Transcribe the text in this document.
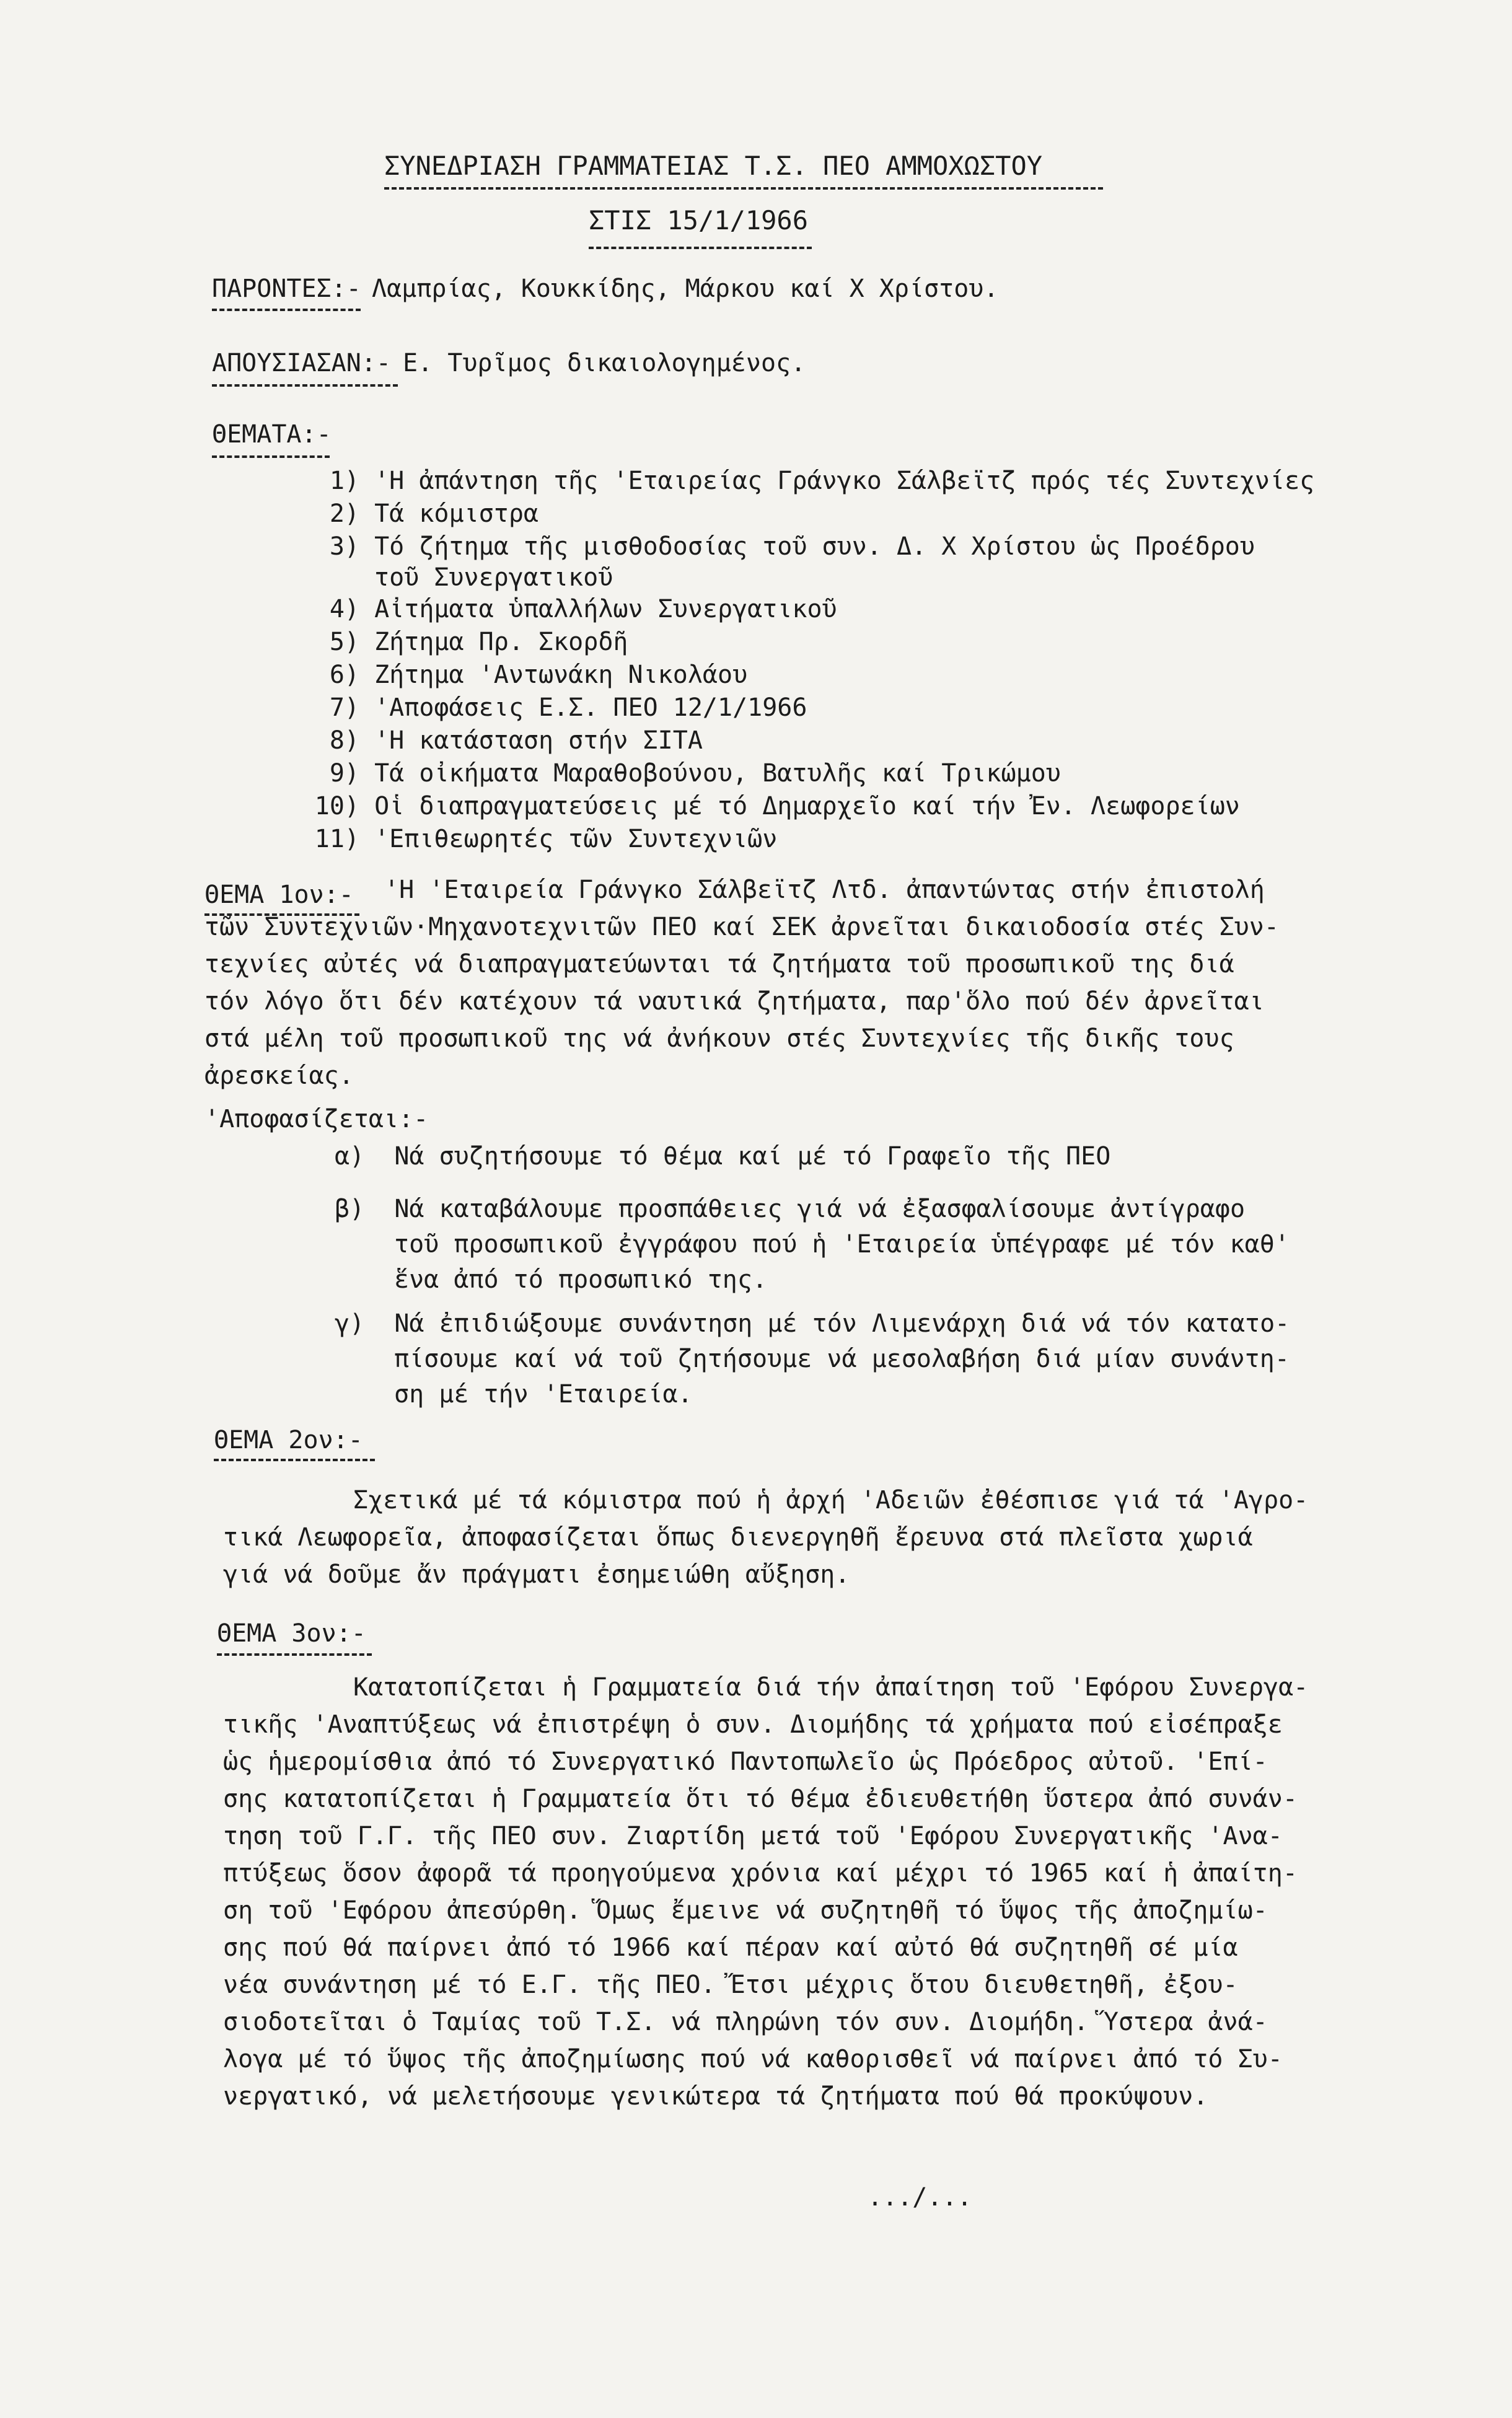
ΣΥΝΕΔΡΙΑΣΗ ΓΡΑΜΜΑΤΕΙΑΣ Τ.Σ. ΠΕΟ ΑΜΜΟΧΩΣΤΟΥ
ΣΤΙΣ 15/1/1966
ΠΑΡΟΝΤΕΣ:- Λαμπρίας, Κουκκίδης, Μάρκου καί Χ Χρίστου.
ΑΠΟΥΣΙΑΣΑΝ:- Ε. Τυρῖμος δικαιολογημένος.
ΘΕΜΑΤΑ:-
1) 'Η ἀπάντηση τῆς 'Εταιρείας Γράνγκο Σάλβεϊτζ πρός τές Συντεχνίες
2) Τά κόμιστρα
3) Τό ζήτημα τῆς μισθοδοσίας τοῦ συν. Δ. Χ Χρίστου ὡς Προέδρου
τοῦ Συνεργατικοῦ
4) Αἰτήματα ὑπαλλήλων Συνεργατικοῦ
5) Ζήτημα Πρ. Σκορδῆ
6) Ζήτημα 'Αντωνάκη Νικολάου
7) 'Αποφάσεις Ε.Σ. ΠΕΟ 12/1/1966
8) 'Η κατάσταση στήν ΣΙΤΑ
9) Τά οἰκήματα Μαραθοβούνου, Βατυλῆς καί Τρικώμου
10) Οἱ διαπραγματεύσεις μέ τό Δημαρχεῖο καί τήν Ἐν. Λεωφορείων
11) 'Επιθεωρητές τῶν Συντεχνιῶν
ΘΕΜΑ 1ον:- 'Η 'Εταιρεία Γράνγκο Σάλβεϊτζ Λτδ. ἀπαντώντας στήν ἐπιστολή
τῶν Συντεχνιῶν·Μηχανοτεχνιτῶν ΠΕΟ καί ΣΕΚ ἀρνεῖται δικαιοδοσία στές Συν-
τεχνίες αὐτές νά διαπραγματεύωνται τά ζητήματα τοῦ προσωπικοῦ της διά
τόν λόγο ὅτι δέν κατέχουν τά ναυτικά ζητήματα, παρ'ὅλο πού δέν ἀρνεῖται
στά μέλη τοῦ προσωπικοῦ της νά ἀνήκουν στές Συντεχνίες τῆς δικῆς τους
ἀρεσκείας.
'Αποφασίζεται:-
α) Νά συζητήσουμε τό θέμα καί μέ τό Γραφεῖο τῆς ΠΕΟ
β) Νά καταβάλουμε προσπάθειες γιά νά ἐξασφαλίσουμε ἀντίγραφο
τοῦ προσωπικοῦ ἐγγράφου πού ἡ 'Εταιρεία ὑπέγραφε μέ τόν καθ'
ἕνα ἀπό τό προσωπικό της.
γ) Νά ἐπιδιώξουμε συνάντηση μέ τόν Λιμενάρχη διά νά τόν κατατο-
πίσουμε καί νά τοῦ ζητήσουμε νά μεσολαβήση διά μίαν συνάντη-
ση μέ τήν 'Εταιρεία.
ΘΕΜΑ 2ον:-
Σχετικά μέ τά κόμιστρα πού ἡ ἀρχή 'Αδειῶν ἐθέσπισε γιά τά 'Αγρο-
τικά Λεωφορεῖα, ἀποφασίζεται ὅπως διενεργηθῆ ἔρευνα στά πλεῖστα χωριά
γιά νά δοῦμε ἄν πράγματι ἐσημειώθη αὔξηση.
ΘΕΜΑ 3ον:-
Κατατοπίζεται ἡ Γραμματεία διά τήν ἀπαίτηση τοῦ 'Εφόρου Συνεργα-
τικῆς 'Αναπτύξεως νά ἐπιστρέψη ὁ συν. Διομήδης τά χρήματα πού εἰσέπραξε
ὡς ἡμερομίσθια ἀπό τό Συνεργατικό Παντοπωλεῖο ὡς Πρόεδρος αὐτοῦ. 'Επί-
σης κατατοπίζεται ἡ Γραμματεία ὅτι τό θέμα ἐδιευθετήθη ὕστερα ἀπό συνάν-
τηση τοῦ Γ.Γ. τῆς ΠΕΟ συν. Ζιαρτίδη μετά τοῦ 'Εφόρου Συνεργατικῆς 'Ανα-
πτύξεως ὅσον ἀφορᾶ τά προηγούμενα χρόνια καί μέχρι τό 1965 καί ἡ ἀπαίτη-
ση τοῦ 'Εφόρου ἀπεσύρθη. Ὅμως ἔμεινε νά συζητηθῆ τό ὕψος τῆς ἀποζημίω-
σης πού θά παίρνει ἀπό τό 1966 καί πέραν καί αὐτό θά συζητηθῆ σέ μία
νέα συνάντηση μέ τό Ε.Γ. τῆς ΠΕΟ. Ἔτσι μέχρις ὅτου διευθετηθῆ, ἐξου-
σιοδοτεῖται ὁ Ταμίας τοῦ Τ.Σ. νά πληρώνη τόν συν. Διομήδη. Ὕστερα ἀνά-
λογα μέ τό ὕψος τῆς ἀποζημίωσης πού νά καθορισθεῖ νά παίρνει ἀπό τό Συ-
νεργατικό, νά μελετήσουμε γενικώτερα τά ζητήματα πού θά προκύψουν.
.../...
